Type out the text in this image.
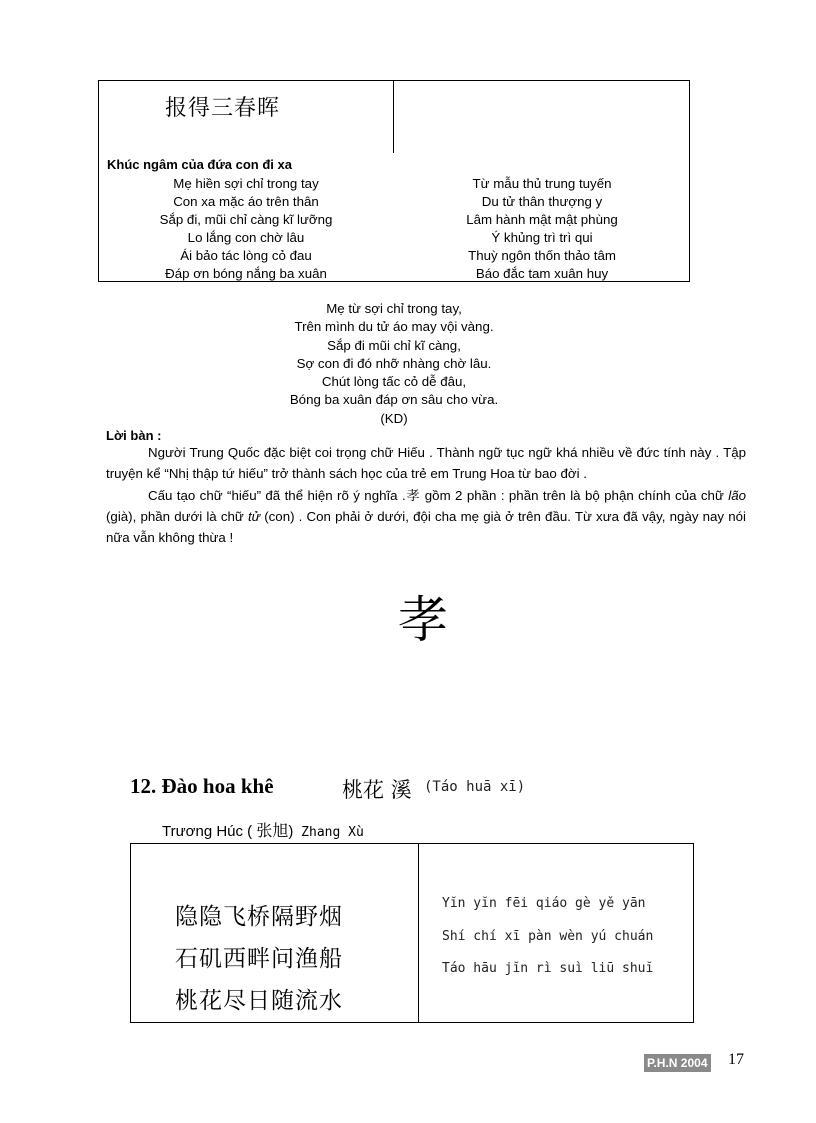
报得三春晖
Khúc ngâm của đứa con đi xa
Mẹ hiền sợi chỉ trong tay
Con xa mặc áo trên thân
Sắp đi, mũi chỉ càng kĩ lưỡng
Lo lắng con chờ lâu
Ái bảo tác lòng cỏ đau
Đáp ơn bóng nắng ba xuân
Từ mẫu thủ trung tuyến
Du tử thân thượng y
Lâm hành mật mật phùng
Ý khủng trì trì qui
Thuỳ ngôn thốn thảo tâm
Báo đắc tam xuân huy
Mẹ từ sợi chỉ trong tay,
Trên mình du tử áo may vội vàng.
Sắp đi mũi chỉ kĩ càng,
Sợ con đi đó nhỡ nhàng chờ lâu.
Chút lòng tấc cỏ dễ đâu,
Bóng ba xuân đáp ơn sâu cho vừa.
(KD)
Lời bàn :
Người Trung Quốc đặc biệt coi trọng chữ Hiếu . Thành ngữ tục ngữ khá nhiều về đức tính này . Tập truyện kể “Nhị thập tứ hiếu” trở thành sách học của trẻ em Trung Hoa từ bao đời .
Cấu tạo chữ “hiếu” đã thể hiện rõ ý nghĩa .孝 gồm 2 phần : phần trên là bộ phận chính của chữ lão (già), phần dưới là chữ tử (con) . Con phải ở dưới, đội cha mẹ già ở trên đầu. Từ xưa đã vậy, ngày nay nói nữa vẫn không thừa !
孝
12. Đào hoa khê	桃花 溪 (Táo huā xī)
Trương Húc ( 张旭) Zhang Xù
隐隐飞桥隔野烟
石矶西畔问渔船
桃花尽日随流水
Yĭn yĭn fēi qiáo gè yě yān
Shí chí xī pàn wèn yú chuán
Táo hāu jĭn rì suì liū shuĭ
P.H.N 2004 17
